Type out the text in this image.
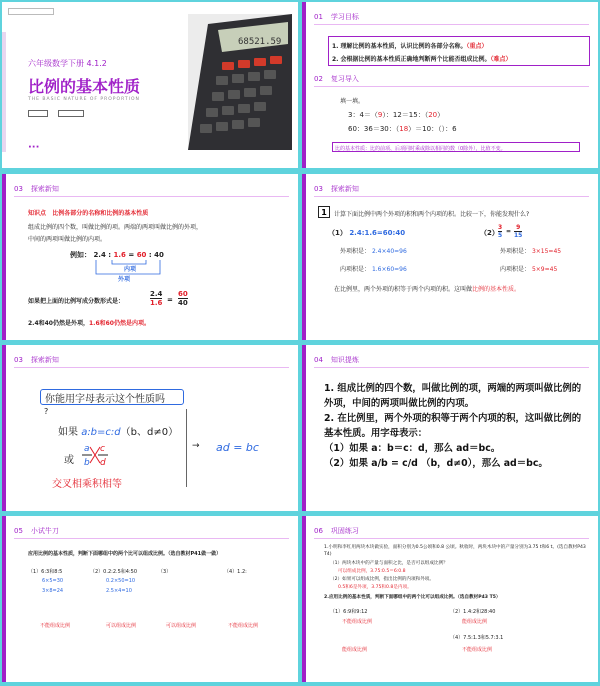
六年级数学下册 4.1.2
比例的基本性质
THE BASIC NATURE OF PROPORTION
···
68521.59
01 学习目标
1. 理解比例的基本性质，认识比例的各部分名称。（重点）
2. 会根据比例的基本性质正确地判断两个比能否组成比例。（难点）
02 复习导入
填一填。
3：4＝（9）：12＝15：（20）
60：36＝30：（18）＝10：（）：6
比的基本性质：比的前项、后项同时乘或除以相同的数（0除外），比值不变。
03 探索新知
知识点 比例各部分的名称和比例的基本性质
组成比例的四个数，叫做比例的项。两端的两项叫做比例的外项，
中间的两项叫做比例的内项。
例如： 2.4 : 1.6 = 60 : 40
内项
外项
如果把上面的比例写成分数形式是：
2.4
1.6 =
60
40
2.4和40仍然是外项，1.6和60仍然是内项。
03 探索新知
1	计算下面比例中两个外项的积和两个内项的积。比较一下，你能发现什么?
（1） 2.4:1.6=60:40
外项积是： 2.4×40=96
内项积是： 1.6×60=96
（2）
3
5
=
9
15
外项积是： 3×15=45
内项积是： 5×9=45
在比例里，两个外项的积等于两个内项的积。这叫做比例的基本性质。
03 探索新知
你能用字母表示这个性质吗
?
如果 a:b=c:d（b、d≠0）
或
a
b
c
d
交叉相乘积相等
→ ad = bc
04 知识提炼

1. 组成比例的四个数，叫做比例的项，两端的两项叫做比例的外项，中间的两项叫做比例的内项。

2. 在比例里，两个外项的积等于两个内项的积，这叫做比例的基本性质。用字母表示：

（1）如果 a：b＝c：d，那么 ad＝bc。

（2）如果 a/b = c/d （b，d≠0），那么 ad＝bc。

05 小试牛刀
应用比例的基本性质，判断下面哪组中的两个比可以组成比例。（选自教材P41做一做）
（1）6:3和8:5
6×5=30
3×8=24
不能组成比例
（2）0.2:2.5和4:50
0.2×50=10
2.5×4=10
可以组成比例
（3）
可以组成比例
（4）1.2:
不能组成比例
06 巩固练习
1.小明和李红用两块木块做实验，面积分别为0.5公顷和0.8 公顷。秋收时，两块木块中的产量分别为3.75 t和6 t。(选自教材P43 T4)
（1）两块木块中的产量与面积之比，是否可以组成比例？
可以组成比例，3.75:0.5＝6:0.8
（2）如果可以组成比例，指出比例的内项和外项。
0.5和6是外项，3.75和0.8是内项。
2.应用比例的基本性质，判断下面哪组中的两个比可以组成比例。（选自教材P43 T5）
（1）6:9和9:12
不能组成比例
（2）1.4:2和28:40
能组成比例
能组成比例
（4）7.5:1.3和5.7:3.1
不能组成比例
